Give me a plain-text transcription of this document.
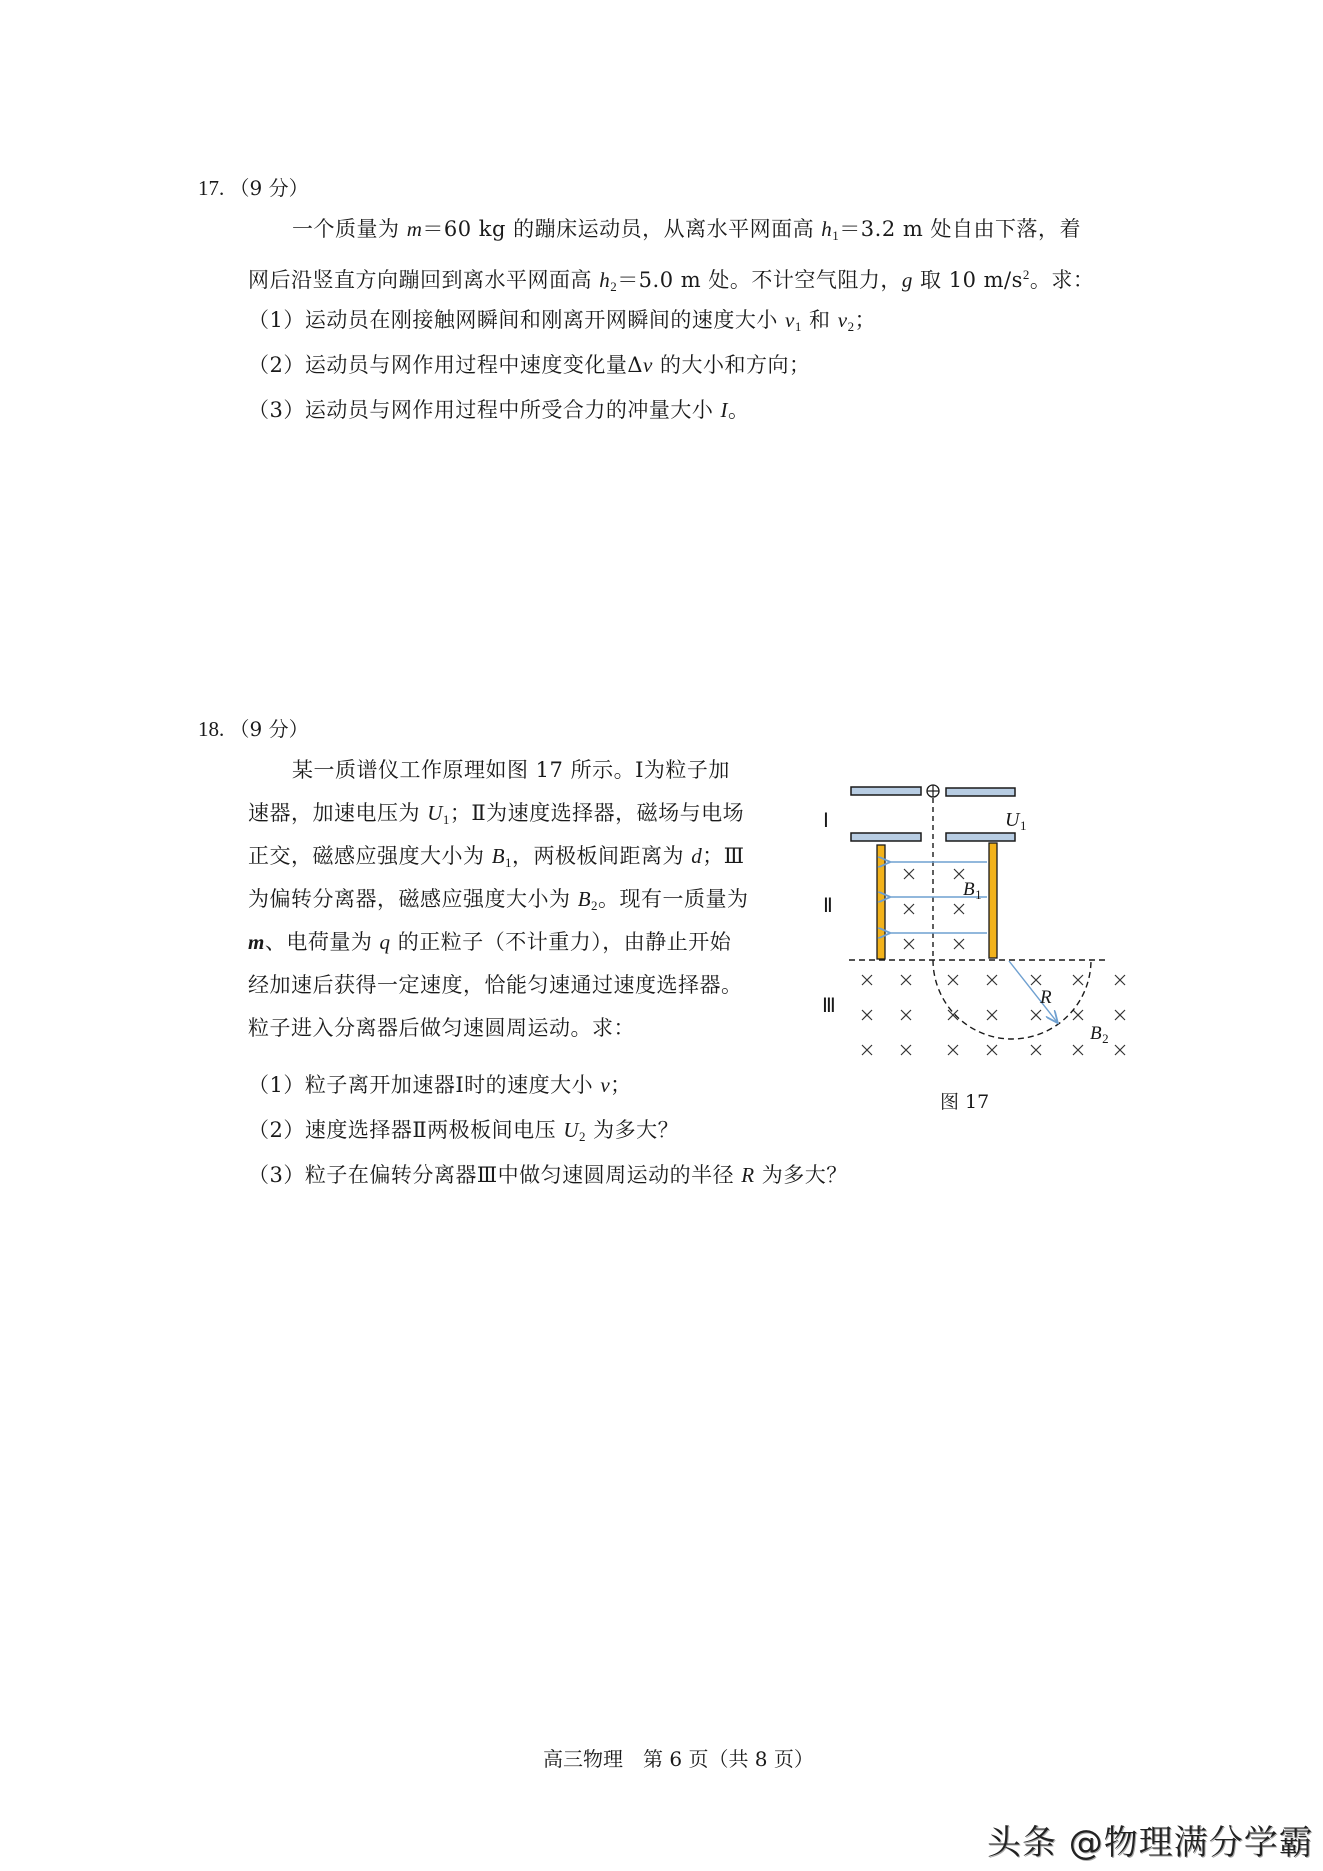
17. （9 分）
一个质量为 m＝60 kg 的蹦床运动员，从离水平网面高 $h_1=3.2$ m 处自由下落，着
网后沿竖直方向蹦回到离水平网面高 $h_2=5.0$ m 处。不计空气阻力，g 取 10 $m/s^2$。求：
（1）运动员在刚接触网瞬间和刚离开网瞬间的速度大小 $v_1$ 和 $v_2$；
（2）运动员与网作用过程中速度变化量Δv 的大小和方向；
（3）运动员与网作用过程中所受合力的冲量大小 I。
18. （9 分）
某一质谱仪工作原理如图 17 所示。Ⅰ为粒子加
速器，加速电压为 $U_1$；Ⅱ为速度选择器，磁场与电场
正交，磁感应强度大小为 $B_1$，两极板间距离为 d；Ⅲ
为偏转分离器，磁感应强度大小为 $B_2$。现有一质量为
m、电荷量为 q 的正粒子（不计重力），由静止开始
经加速后获得一定速度，恰能匀速通过速度选择器。
粒子进入分离器后做匀速圆周运动。求：
（1）粒子离开加速器Ⅰ时的速度大小 v；
（2）速度选择器Ⅱ两极板间电压 $U_2$ 为多大？
（3）粒子在偏转分离器Ⅲ中做匀速圆周运动的半径 R 为多大？
Ⅰ
Ⅱ
Ⅲ
$U_1$
$B_1$
R
$B_2$
图 17
高三物理　第 6 页（共 8 页）
头条 @物理满分学霸
